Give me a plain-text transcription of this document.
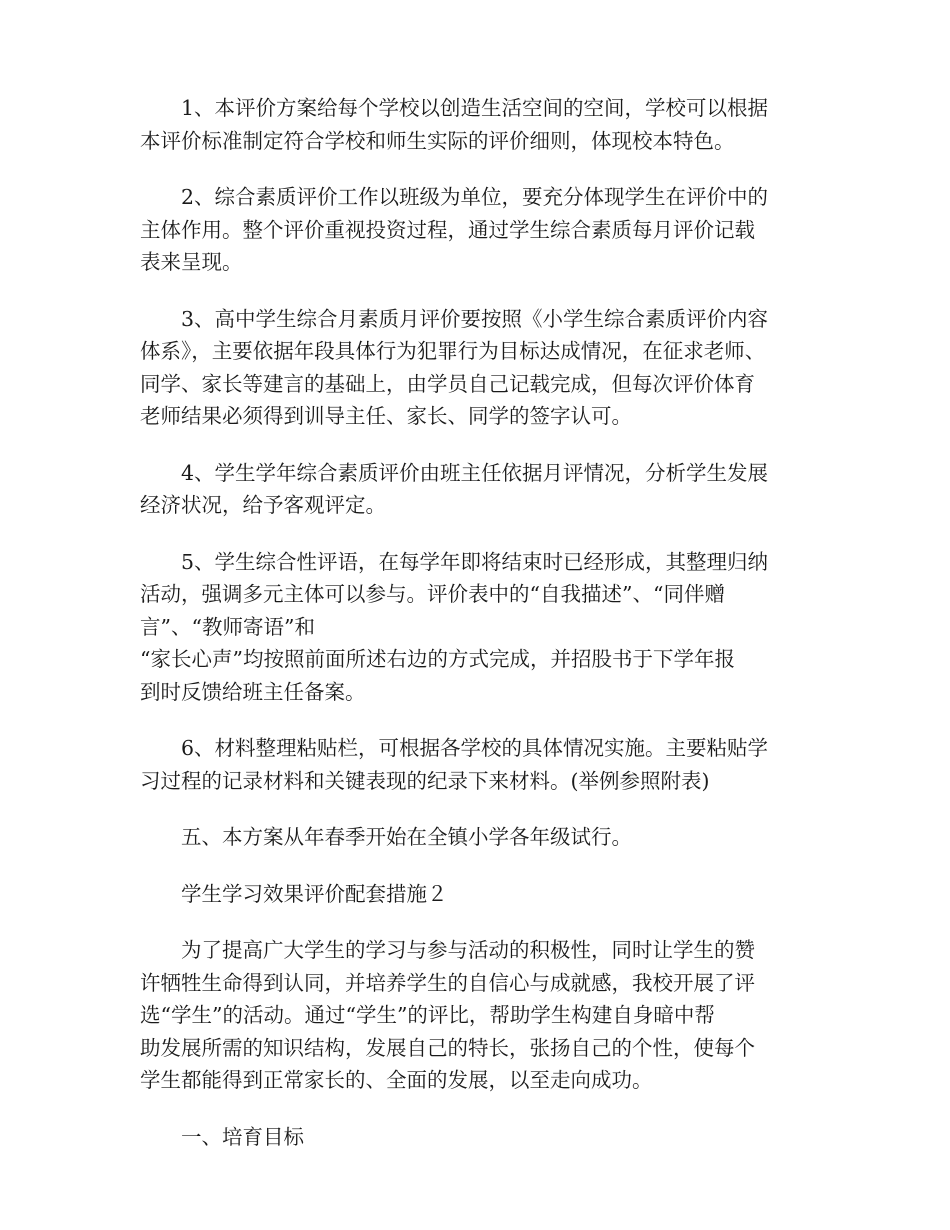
1、本评价方案给每个学校以创造生活空间的空间，学校可以根据
本评价标准制定符合学校和师生实际的评价细则，体现校本特色。

2、综合素质评价工作以班级为单位，要充分体现学生在评价中的
主体作用。整个评价重视投资过程，通过学生综合素质每月评价记载
表来呈现。

3、高中学生综合月素质月评价要按照《小学生综合素质评价内容
体系》，主要依据年段具体行为犯罪行为目标达成情况，在征求老师、
同学、家长等建言的基础上，由学员自己记载完成，但每次评价体育
老师结果必须得到训导主任、家长、同学的签字认可。

4、学生学年综合素质评价由班主任依据月评情况，分析学生发展
经济状况，给予客观评定。

5、学生综合性评语，在每学年即将结束时已经形成，其整理归纳
活动，强调多元主体可以参与。评价表中的“自我描述”、“同伴赠
言”、“教师寄语”和
“家长心声”均按照前面所述右边的方式完成，并招股书于下学年报
到时反馈给班主任备案。

6、材料整理粘贴栏，可根据各学校的具体情况实施。主要粘贴学
习过程的记录材料和关键表现的纪录下来材料。(举例参照附表)

五、本方案从年春季开始在全镇小学各年级试行。

学生学习效果评价配套措施２

为了提高广大学生的学习与参与活动的积极性，同时让学生的赞
许牺牲生命得到认同，并培养学生的自信心与成就感，我校开展了评
选“学生”的活动。通过“学生”的评比，帮助学生构建自身暗中帮
助发展所需的知识结构，发展自己的特长，张扬自己的个性，使每个
学生都能得到正常家长的、全面的发展，以至走向成功。

一、培育目标
